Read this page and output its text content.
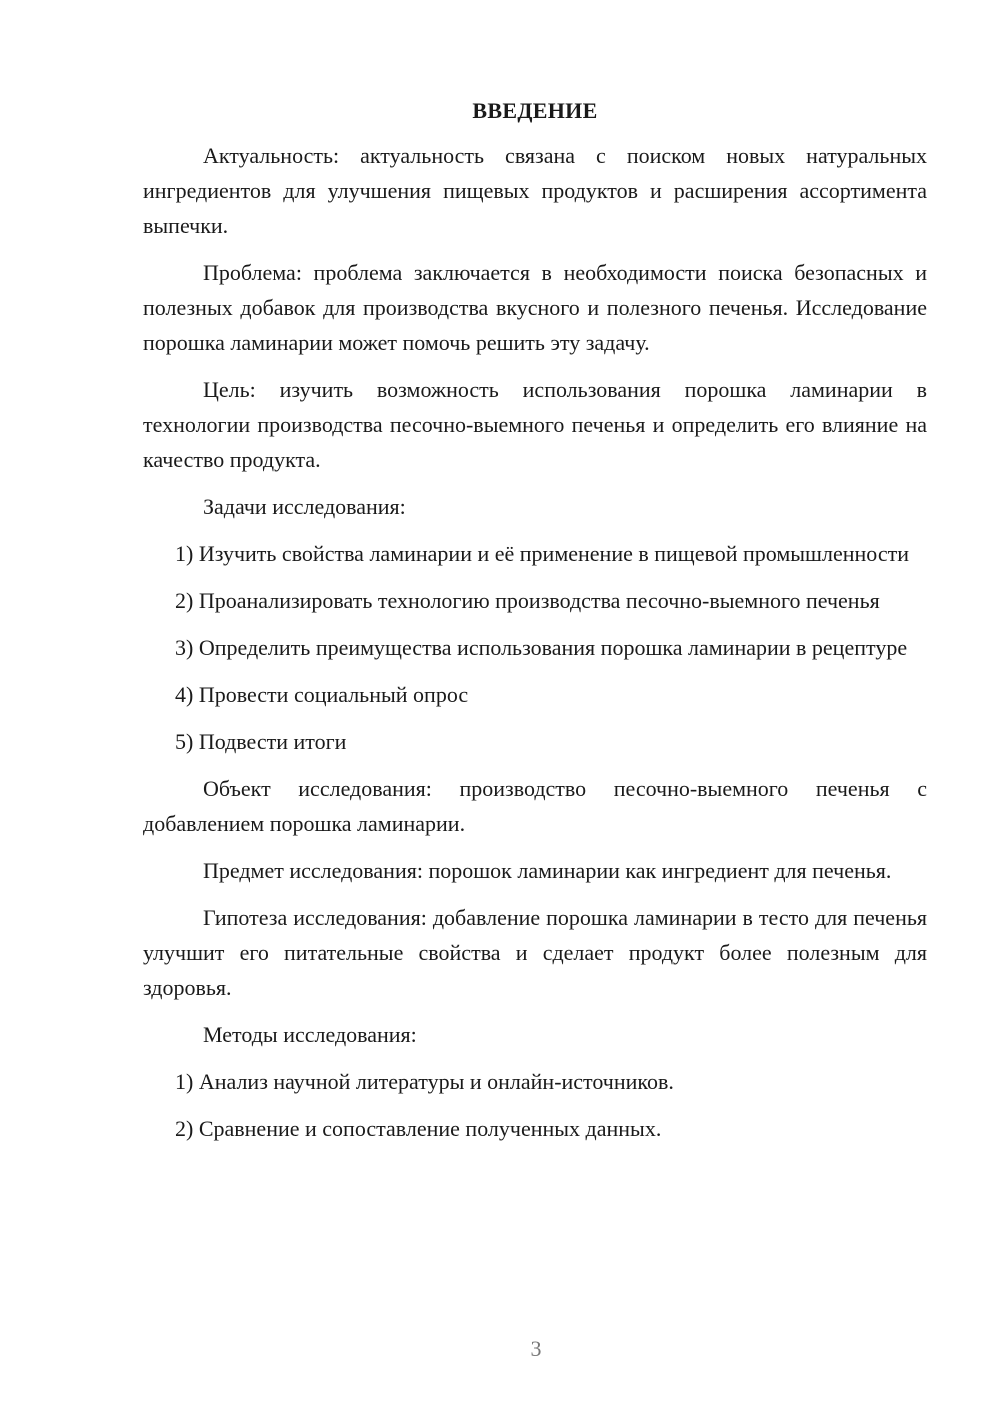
ВВЕДЕНИЕ

Актуальность: актуальность связана с поиском новых натуральных ингредиентов для улучшения пищевых продуктов и расширения ассортимента выпечки.

Проблема: проблема заключается в необходимости поиска безопасных и полезных добавок для производства вкусного и полезного печенья. Исследование порошка ламинарии может помочь решить эту задачу.

Цель: изучить возможность использования порошка ламинарии в технологии производства песочно-выемного печенья и определить его влияние на качество продукта.

Задачи исследования:

1) Изучить свойства ламинарии и её применение в пищевой промышленности

2) Проанализировать технологию производства песочно-выемного печенья

3) Определить преимущества использования порошка ламинарии в рецептуре

4) Провести социальный опрос

5) Подвести итоги

Объект исследования: производство песочно-выемного печенья с добавлением порошка ламинарии.

Предмет исследования: порошок ламинарии как ингредиент для печенья.

Гипотеза исследования: добавление порошка ламинарии в тесто для печенья улучшит его питательные свойства и сделает продукт более полезным для здоровья.

Методы исследования:

1) Анализ научной литературы и онлайн-источников.

2) Сравнение и сопоставление полученных данных.

3
